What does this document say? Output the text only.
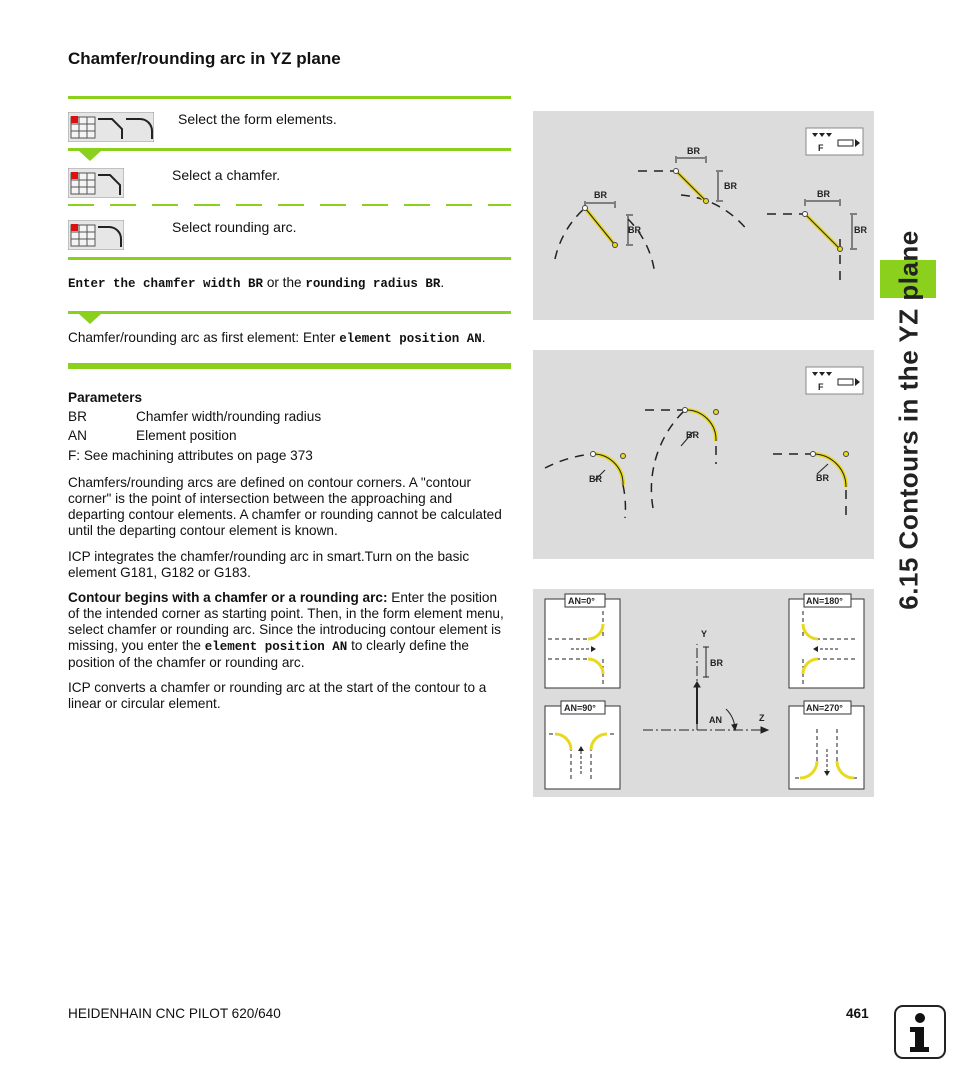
Chamfer/rounding arc in YZ plane
Select the form elements.
Select a chamfer.
Select rounding arc.
Enter the chamfer width BR or the rounding radius BR.
Chamfer/rounding arc as first element: Enter element position AN.
Parameters
BR	Chamfer width/rounding radius
AN	Element position
F: See machining attributes on page 373
Chamfers/rounding arcs are defined on contour corners. A "contour corner" is the point of intersection between the approaching and departing contour elements. A chamfer or rounding cannot be calculated until the departing contour element is known.
ICP integrates the chamfer/rounding arc in smart.Turn on the basic element G181, G182 or G183.
Contour begins with a chamfer or a rounding arc: Enter the position of the intended corner as starting point. Then, in the form element menu, select chamfer or rounding arc. Since the introducing contour element is missing, you enter the element position AN to clearly define the position of the chamfer or rounding arc.
ICP converts a chamfer or rounding arc at the start of the contour to a linear or circular element.
BR
BR
BR
BR
BR
BR
F
BR
BR
BR
F
AN=0°	AN=180°
AN=90°	AN=270°
Y
Z
BR
AN
6.15 Contours in the YZ plane
HEIDENHAIN CNC PILOT 620/640	461
